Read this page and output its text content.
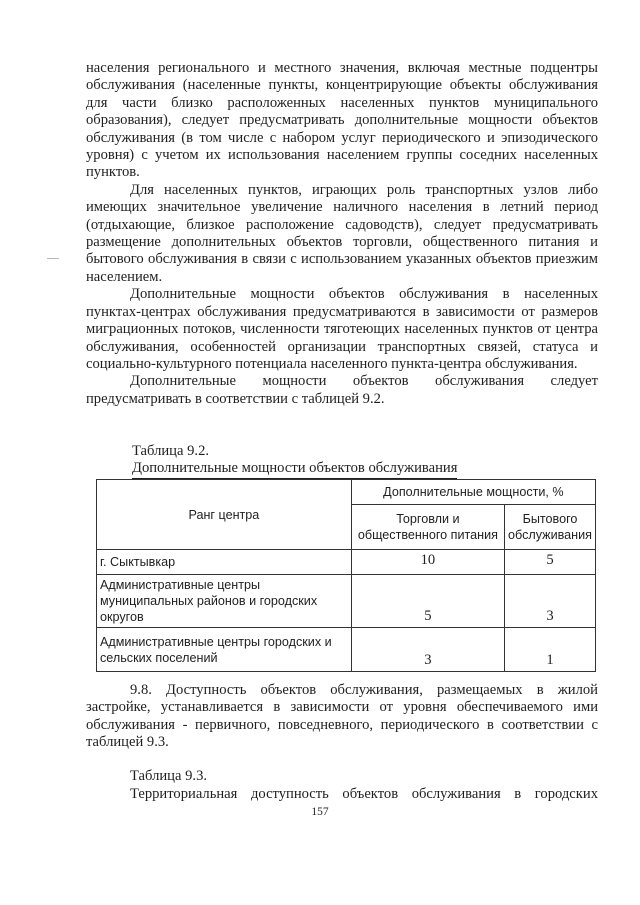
населения регионального и местного значения, включая местные подцентры обслуживания (населенные пункты, концентрирующие объекты обслуживания для части близко расположенных населенных пунктов муниципального образования), следует предусматривать дополнительные мощности объектов обслуживания (в том числе с набором услуг периодического и эпизодического уровня) с учетом их использования населением группы соседних населенных пунктов.

Для населенных пунктов, играющих роль транспортных узлов либо имеющих значительное увеличение наличного населения в летний период (отдыхающие, близкое расположение садоводств), следует предусматривать размещение дополнительных объектов торговли, общественного питания и бытового обслуживания в связи с использованием указанных объектов приезжим населением.

Дополнительные мощности объектов обслуживания в населенных пунктах-центрах обслуживания предусматриваются в зависимости от размеров миграционных потоков, численности тяготеющих населенных пунктов от центра обслуживания, особенностей организации транспортных связей, статуса и социально-культурного потенциала населенного пункта-центра обслуживания.

Дополнительные мощности объектов обслуживания следует предусматривать в соответствии с таблицей 9.2.

Таблица 9.2.
Дополнительные мощности объектов обслуживания
Ранг центра	Дополнительные мощности, %	
	Торговли и общественного питания	Бытового обслуживания
г. Сыктывкар	10	5
Административные центры муниципальных районов и городских округов	5	3
Административные центры городских и сельских поселений	3	1

9.8. Доступность объектов обслуживания, размещаемых в жилой застройке, устанавливается в зависимости от уровня обеспечиваемого ими обслуживания - первичного, повседневного, периодического в соответствии с таблицей 9.3.

Таблица 9.3.

Территориальная доступность объектов обслуживания в городских

157
